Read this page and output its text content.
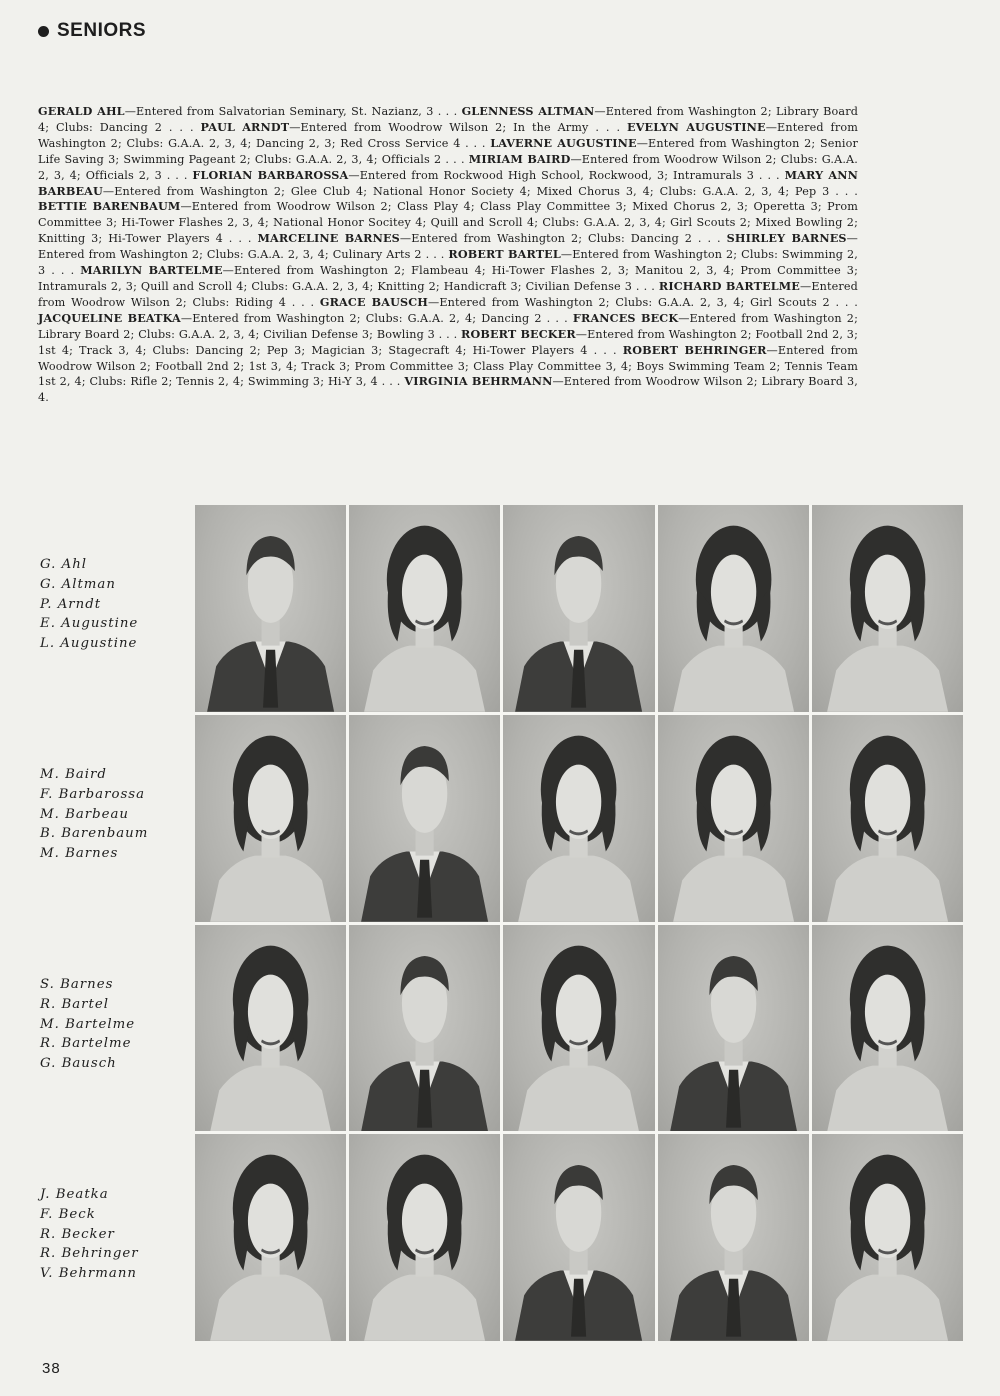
SENIORS
GERALD AHL—Entered from Salvatorian Seminary, St. Nazianz, 3 . . . GLENNESS ALTMAN—Entered from Washington 2; Library Board 4; Clubs: Dancing 2 . . . PAUL ARNDT—Entered from Woodrow Wilson 2; In the Army . . . EVELYN AUGUSTINE—Entered from Washington 2; Clubs: G.A.A. 2, 3, 4; Dancing 2, 3; Red Cross Service 4 . . . LAVERNE AUGUSTINE—Entered from Washington 2; Senior Life Saving 3; Swimming Pageant 2; Clubs: G.A.A. 2, 3, 4; Officials 2 . . . MIRIAM BAIRD—Entered from Woodrow Wilson 2; Clubs: G.A.A. 2, 3, 4; Officials 2, 3 . . . FLORIAN BARBAROSSA—Entered from Rockwood High School, Rockwood, 3; Intramurals 3 . . . MARY ANN BARBEAU—Entered from Washington 2; Glee Club 4; National Honor Society 4; Mixed Chorus 3, 4; Clubs: G.A.A. 2, 3, 4; Pep 3 . . . BETTIE BARENBAUM—Entered from Woodrow Wilson 2; Class Play 4; Class Play Committee 3; Mixed Chorus 2, 3; Operetta 3; Prom Committee 3; Hi-Tower Flashes 2, 3, 4; National Honor Socitey 4; Quill and Scroll 4; Clubs: G.A.A. 2, 3, 4; Girl Scouts 2; Mixed Bowling 2; Knitting 3; Hi-Tower Players 4 . . . MARCELINE BARNES—Entered from Washington 2; Clubs: Dancing 2 . . . SHIRLEY BARNES—Entered from Washington 2; Clubs: G.A.A. 2, 3, 4; Culinary Arts 2 . . . ROBERT BARTEL—Entered from Washington 2; Clubs: Swimming 2, 3 . . . MARILYN BARTELME—Entered from Washington 2; Flambeau 4; Hi-Tower Flashes 2, 3; Manitou 2, 3, 4; Prom Committee 3; Intramurals 2, 3; Quill and Scroll 4; Clubs: G.A.A. 2, 3, 4; Knitting 2; Handicraft 3; Civilian Defense 3 . . . RICHARD BARTELME—Entered from Woodrow Wilson 2; Clubs: Riding 4 . . . GRACE BAUSCH—Entered from Washington 2; Clubs: G.A.A. 2, 3, 4; Girl Scouts 2 . . . JACQUELINE BEATKA—Entered from Washington 2; Clubs: G.A.A. 2, 4; Dancing 2 . . . FRANCES BECK—Entered from Washington 2; Library Board 2; Clubs: G.A.A. 2, 3, 4; Civilian Defense 3; Bowling 3 . . . ROBERT BECKER—Entered from Washington 2; Football 2nd 2, 3; 1st 4; Track 3, 4; Clubs: Dancing 2; Pep 3; Magician 3; Stagecraft 4; Hi-Tower Players 4 . . . ROBERT BEHRINGER—Entered from Woodrow Wilson 2; Football 2nd 2; 1st 3, 4; Track 3; Prom Committee 3; Class Play Committee 3, 4; Boys Swimming Team 2; Tennis Team 1st 2, 4; Clubs: Rifle 2; Tennis 2, 4; Swimming 3; Hi-Y 3, 4 . . . VIRGINIA BEHRMANN—Entered from Woodrow Wilson 2; Library Board 3, 4.
G. Ahl
G. Altman
P. Arndt
E. Augustine
L. Augustine
M. Baird
F. Barbarossa
M. Barbeau
B. Barenbaum
M. Barnes
S. Barnes
R. Bartel
M. Bartelme
R. Bartelme
G. Bausch
J. Beatka
F. Beck
R. Becker
R. Behringer
V. Behrmann
38
